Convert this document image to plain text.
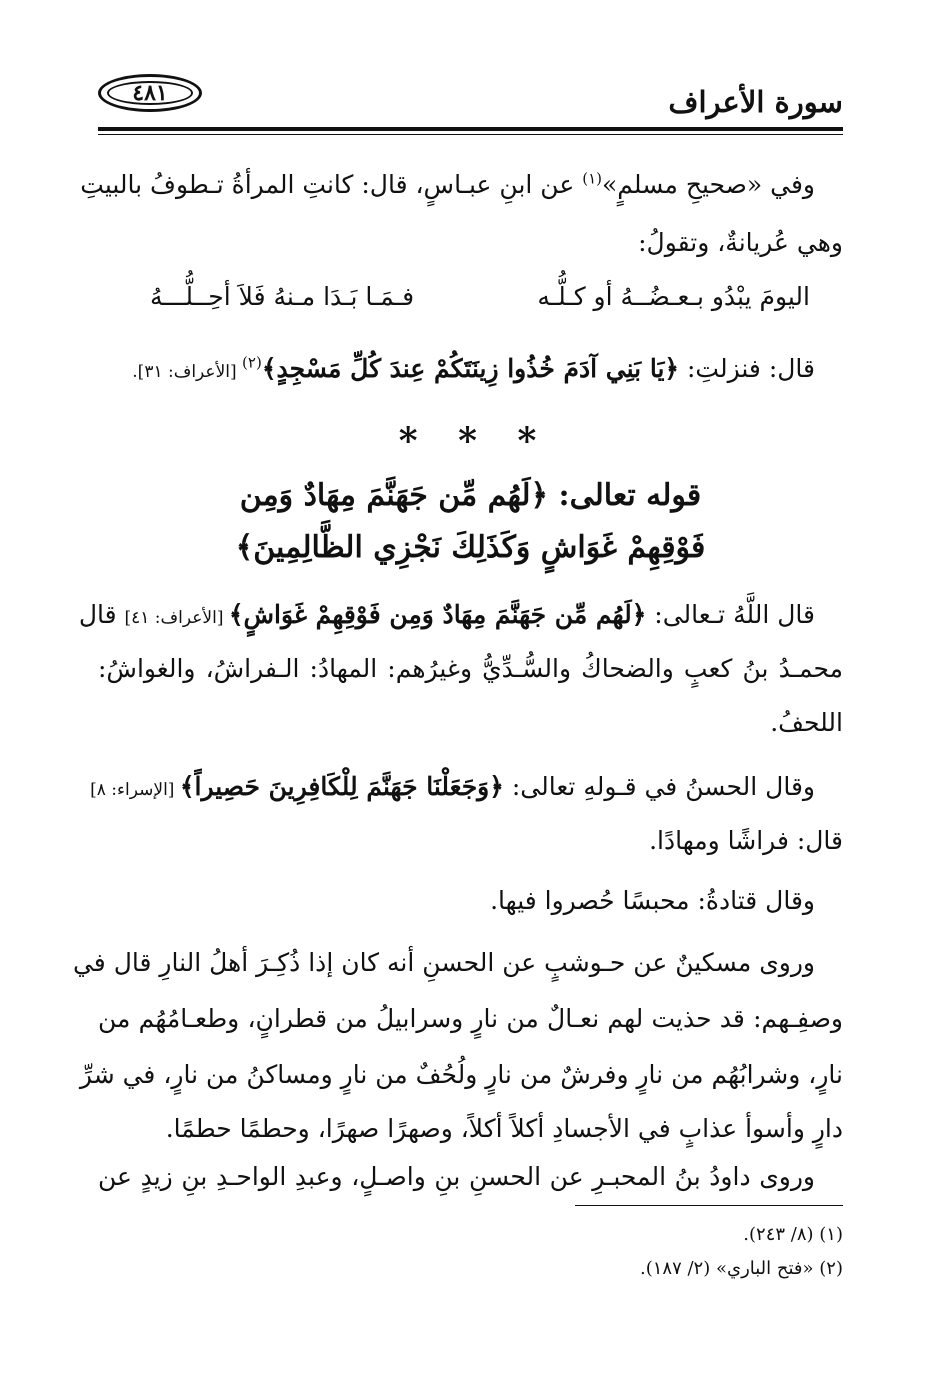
سورة الأعراف
٤٨١
وفي «صحيحِ مسلمٍ»$^{(١)}$ عن ابنِ عبـاسٍ، قال: كانتِ المرأةُ تـطوفُ بالبيتِ
وهي عُريانةٌ، وتقولُ:
اليومَ يبْدُو بـعـضُــهُ أو كـلُّـه
فـمَـا بَـدَا مـنهُ فَلاَ أحِــلُّـــهُ
قال: فنزلتِ: ﴿يَا بَنِي آدَمَ خُذُوا زِينَتَكُمْ عِندَ كُلِّ مَسْجِدٍ﴾$^{(٢)}$ [الأعراف: ٣١].
* * *
قوله تعالى: ﴿لَهُم مِّن جَهَنَّمَ مِهَادٌ وَمِن
فَوْقِهِمْ غَوَاشٍ وَكَذَلِكَ نَجْزِي الظَّالِمِينَ﴾
قال اللَّهُ تـعالى: ﴿لَهُم مِّن جَهَنَّمَ مِهَادٌ وَمِن فَوْقِهِمْ غَوَاشٍ﴾ [الأعراف: ٤١] قال
محمـدُ بنُ كعبٍ والضحاكُ والسُّـدِّيُّ وغيرُهم: المهادُ: الـفراشُ، والغواشُ:
اللحفُ.
وقال الحسنُ في قـولهِ تعالى: ﴿وَجَعَلْنَا جَهَنَّمَ لِلْكَافِرِينَ حَصِيراً﴾ [الإسراء: ٨]
قال: فراشًا ومهادًا.
وقال قتادةُ: محبسًا حُصروا فيها.
وروى مسكينٌ عن حـوشبٍ عن الحسنِ أنه كان إذا ذُكِـرَ أهلُ النارِ قال في
وصفِـهم: قد حذيت لهم نعـالٌ من نارٍ وسرابيلُ من قطرانٍ، وطعـامُهُم من
نارٍ، وشرابُهُم من نارٍ وفرشٌ من نارٍ ولُحُفٌ من نارٍ ومساكنُ من نارٍ، في شرِّ
دارٍ وأسوأ عذابٍ في الأجسادِ أكلاً أكلاً، وصهرًا صهرًا، وحطمًا حطمًا.
وروى داودُ بنُ المحبـرِ عن الحسنِ بنِ واصـلٍ، وعبدِ الواحـدِ بنِ زيدٍ عن
(١) (٨/ ٢٤٣).
(٢) «فتح الباري» (٢/ ١٨٧).
